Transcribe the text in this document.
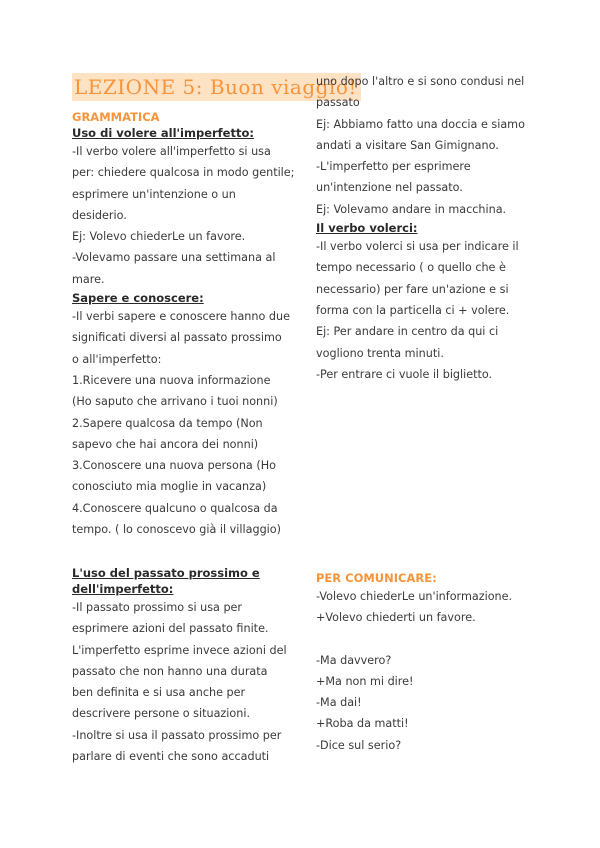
LEZIONE 5: Buon viaggio!
GRAMMATICA
Uso di volere all'imperfetto:
-Il verbo volere all'imperfetto si usa
per: chiedere qualcosa in modo gentile;
esprimere un'intenzione o un
desiderio.
Ej: Volevo chiederLe un favore.
-Volevamo passare una settimana al
mare.
Sapere e conoscere:
-Il verbi sapere e conoscere hanno due
significati diversi al passato prossimo
o all'imperfetto:
1.Ricevere una nuova informazione
(Ho saputo che arrivano i tuoi nonni)
2.Sapere qualcosa da tempo (Non
sapevo che hai ancora dei nonni)
3.Conoscere una nuova persona (Ho
conosciuto mia moglie in vacanza)
4.Conoscere qualcuno o qualcosa da
tempo. ( lo conoscevo già il villaggio)
uno dopo l'altro e si sono condusi nel
passato
Ej: Abbiamo fatto una doccia e siamo
andati a visitare San Gimignano.
-L'imperfetto per esprimere
un'intenzione nel passato.
Ej: Volevamo andare in macchina.
Il verbo volerci:
-Il verbo volerci si usa per indicare il
tempo necessario ( o quello che è
necessario) per fare un'azione e si
forma con la particella ci + volere.
Ej: Per andare in centro da qui ci
vogliono trenta minuti.
-Per entrare ci vuole il biglietto.
L'uso del passato prossimo e
dell'imperfetto:
-Il passato prossimo si usa per
esprimere azioni del passato finite.
L'imperfetto esprime invece azioni del
passato che non hanno una durata
ben definita e si usa anche per
descrivere persone o situazioni.
-Inoltre si usa il passato prossimo per
parlare di eventi che sono accaduti
PER COMUNICARE:
-Volevo chiederLe un'informazione.
+Volevo chiederti un favore.
-Ma davvero?
+Ma non mi dire!
-Ma dai!
+Roba da matti!
-Dice sul serio?
